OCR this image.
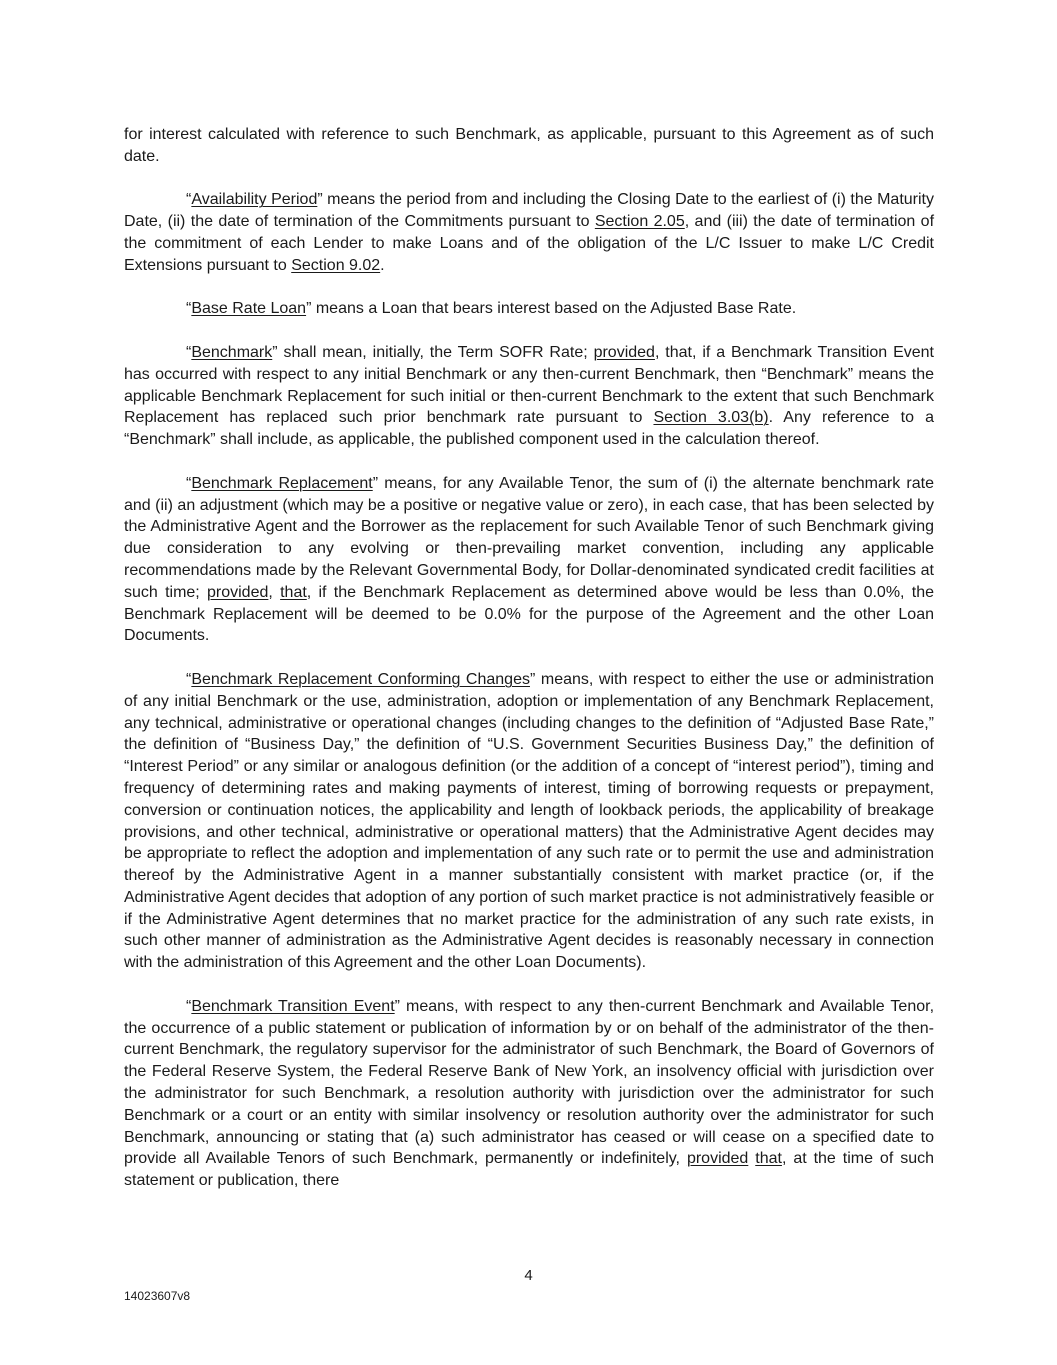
for interest calculated with reference to such Benchmark, as applicable, pursuant to this Agreement as of such date.

“Availability Period” means the period from and including the Closing Date to the earliest of (i) the Maturity Date, (ii) the date of termination of the Commitments pursuant to Section 2.05, and (iii) the date of termination of the commitment of each Lender to make Loans and of the obligation of the L/C Issuer to make L/C Credit Extensions pursuant to Section 9.02.

“Base Rate Loan” means a Loan that bears interest based on the Adjusted Base Rate.

“Benchmark” shall mean, initially, the Term SOFR Rate; provided, that, if a Benchmark Transition Event has occurred with respect to any initial Benchmark or any then-current Benchmark, then “Benchmark” means the applicable Benchmark Replacement for such initial or then-current Benchmark to the extent that such Benchmark Replacement has replaced such prior benchmark rate pursuant to Section 3.03(b). Any reference to a “Benchmark” shall include, as applicable, the published component used in the calculation thereof.

“Benchmark Replacement” means, for any Available Tenor, the sum of (i) the alternate benchmark rate and (ii) an adjustment (which may be a positive or negative value or zero), in each case, that has been selected by the Administrative Agent and the Borrower as the replacement for such Available Tenor of such Benchmark giving due consideration to any evolving or then-prevailing market convention, including any applicable recommendations made by the Relevant Governmental Body, for Dollar-denominated syndicated credit facilities at such time; provided, that, if the Benchmark Replacement as determined above would be less than 0.0%, the Benchmark Replacement will be deemed to be 0.0% for the purpose of the Agreement and the other Loan Documents.

“Benchmark Replacement Conforming Changes” means, with respect to either the use or administration of any initial Benchmark or the use, administration, adoption or implementation of any Benchmark Replacement, any technical, administrative or operational changes (including changes to the definition of “Adjusted Base Rate,” the definition of “Business Day,” the definition of “U.S. Government Securities Business Day,” the definition of “Interest Period” or any similar or analogous definition (or the addition of a concept of “interest period”), timing and frequency of determining rates and making payments of interest, timing of borrowing requests or prepayment, conversion or continuation notices, the applicability and length of lookback periods, the applicability of breakage provisions, and other technical, administrative or operational matters) that the Administrative Agent decides may be appropriate to reflect the adoption and implementation of any such rate or to permit the use and administration thereof by the Administrative Agent in a manner substantially consistent with market practice (or, if the Administrative Agent decides that adoption of any portion of such market practice is not administratively feasible or if the Administrative Agent determines that no market practice for the administration of any such rate exists, in such other manner of administration as the Administrative Agent decides is reasonably necessary in connection with the administration of this Agreement and the other Loan Documents).

“Benchmark Transition Event” means, with respect to any then-current Benchmark and Available Tenor, the occurrence of a public statement or publication of information by or on behalf of the administrator of the then-current Benchmark, the regulatory supervisor for the administrator of such Benchmark, the Board of Governors of the Federal Reserve System, the Federal Reserve Bank of New York, an insolvency official with jurisdiction over the administrator for such Benchmark, a resolution authority with jurisdiction over the administrator for such Benchmark or a court or an entity with similar insolvency or resolution authority over the administrator for such Benchmark, announcing or stating that (a) such administrator has ceased or will cease on a specified date to provide all Available Tenors of such Benchmark, permanently or indefinitely, provided that, at the time of such statement or publication, there

4
14023607v8
